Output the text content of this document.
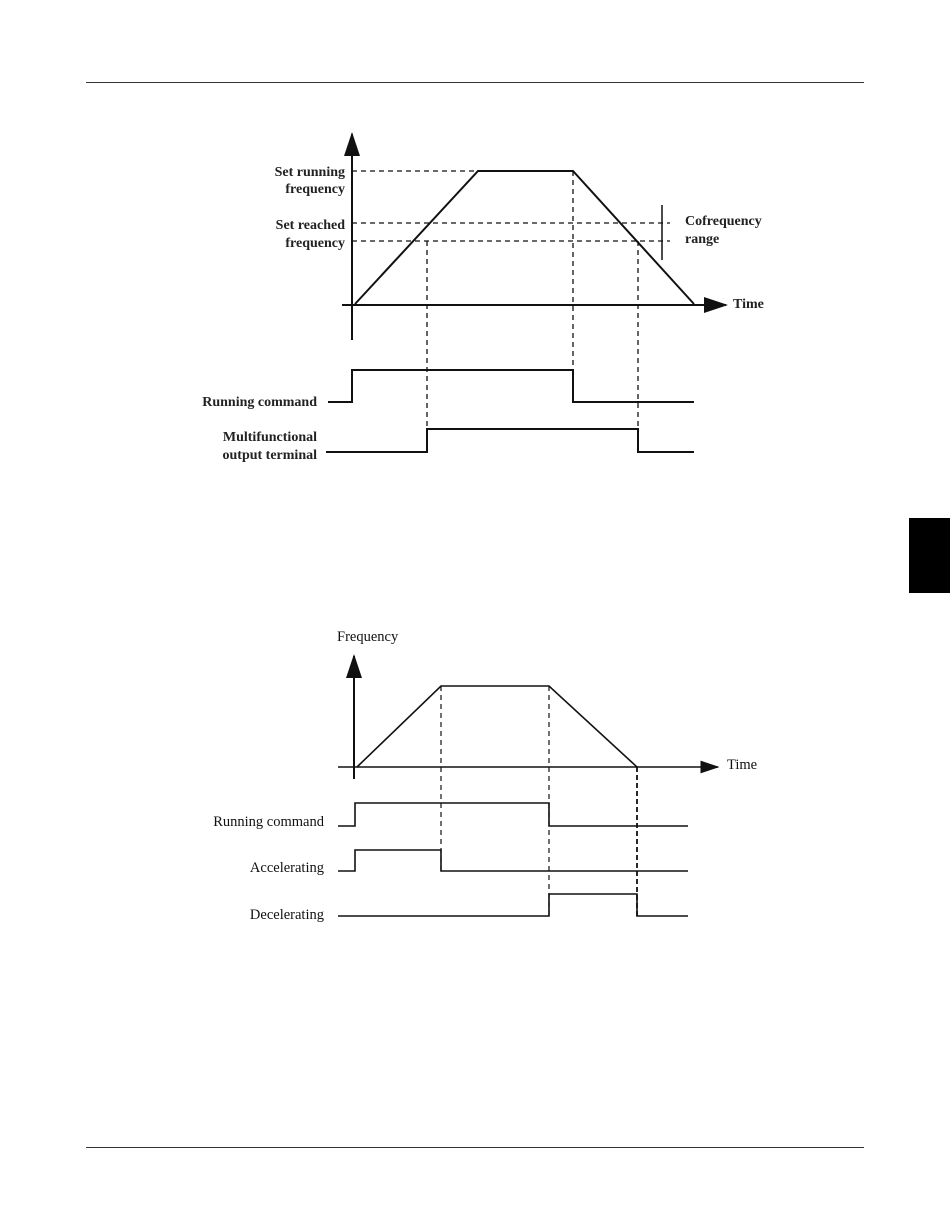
Set running
frequency
Set reached
frequency
Cofrequency
range
Time
Running command
Multifunctional
output terminal
Frequency
Time
Running command
Accelerating
Decelerating
